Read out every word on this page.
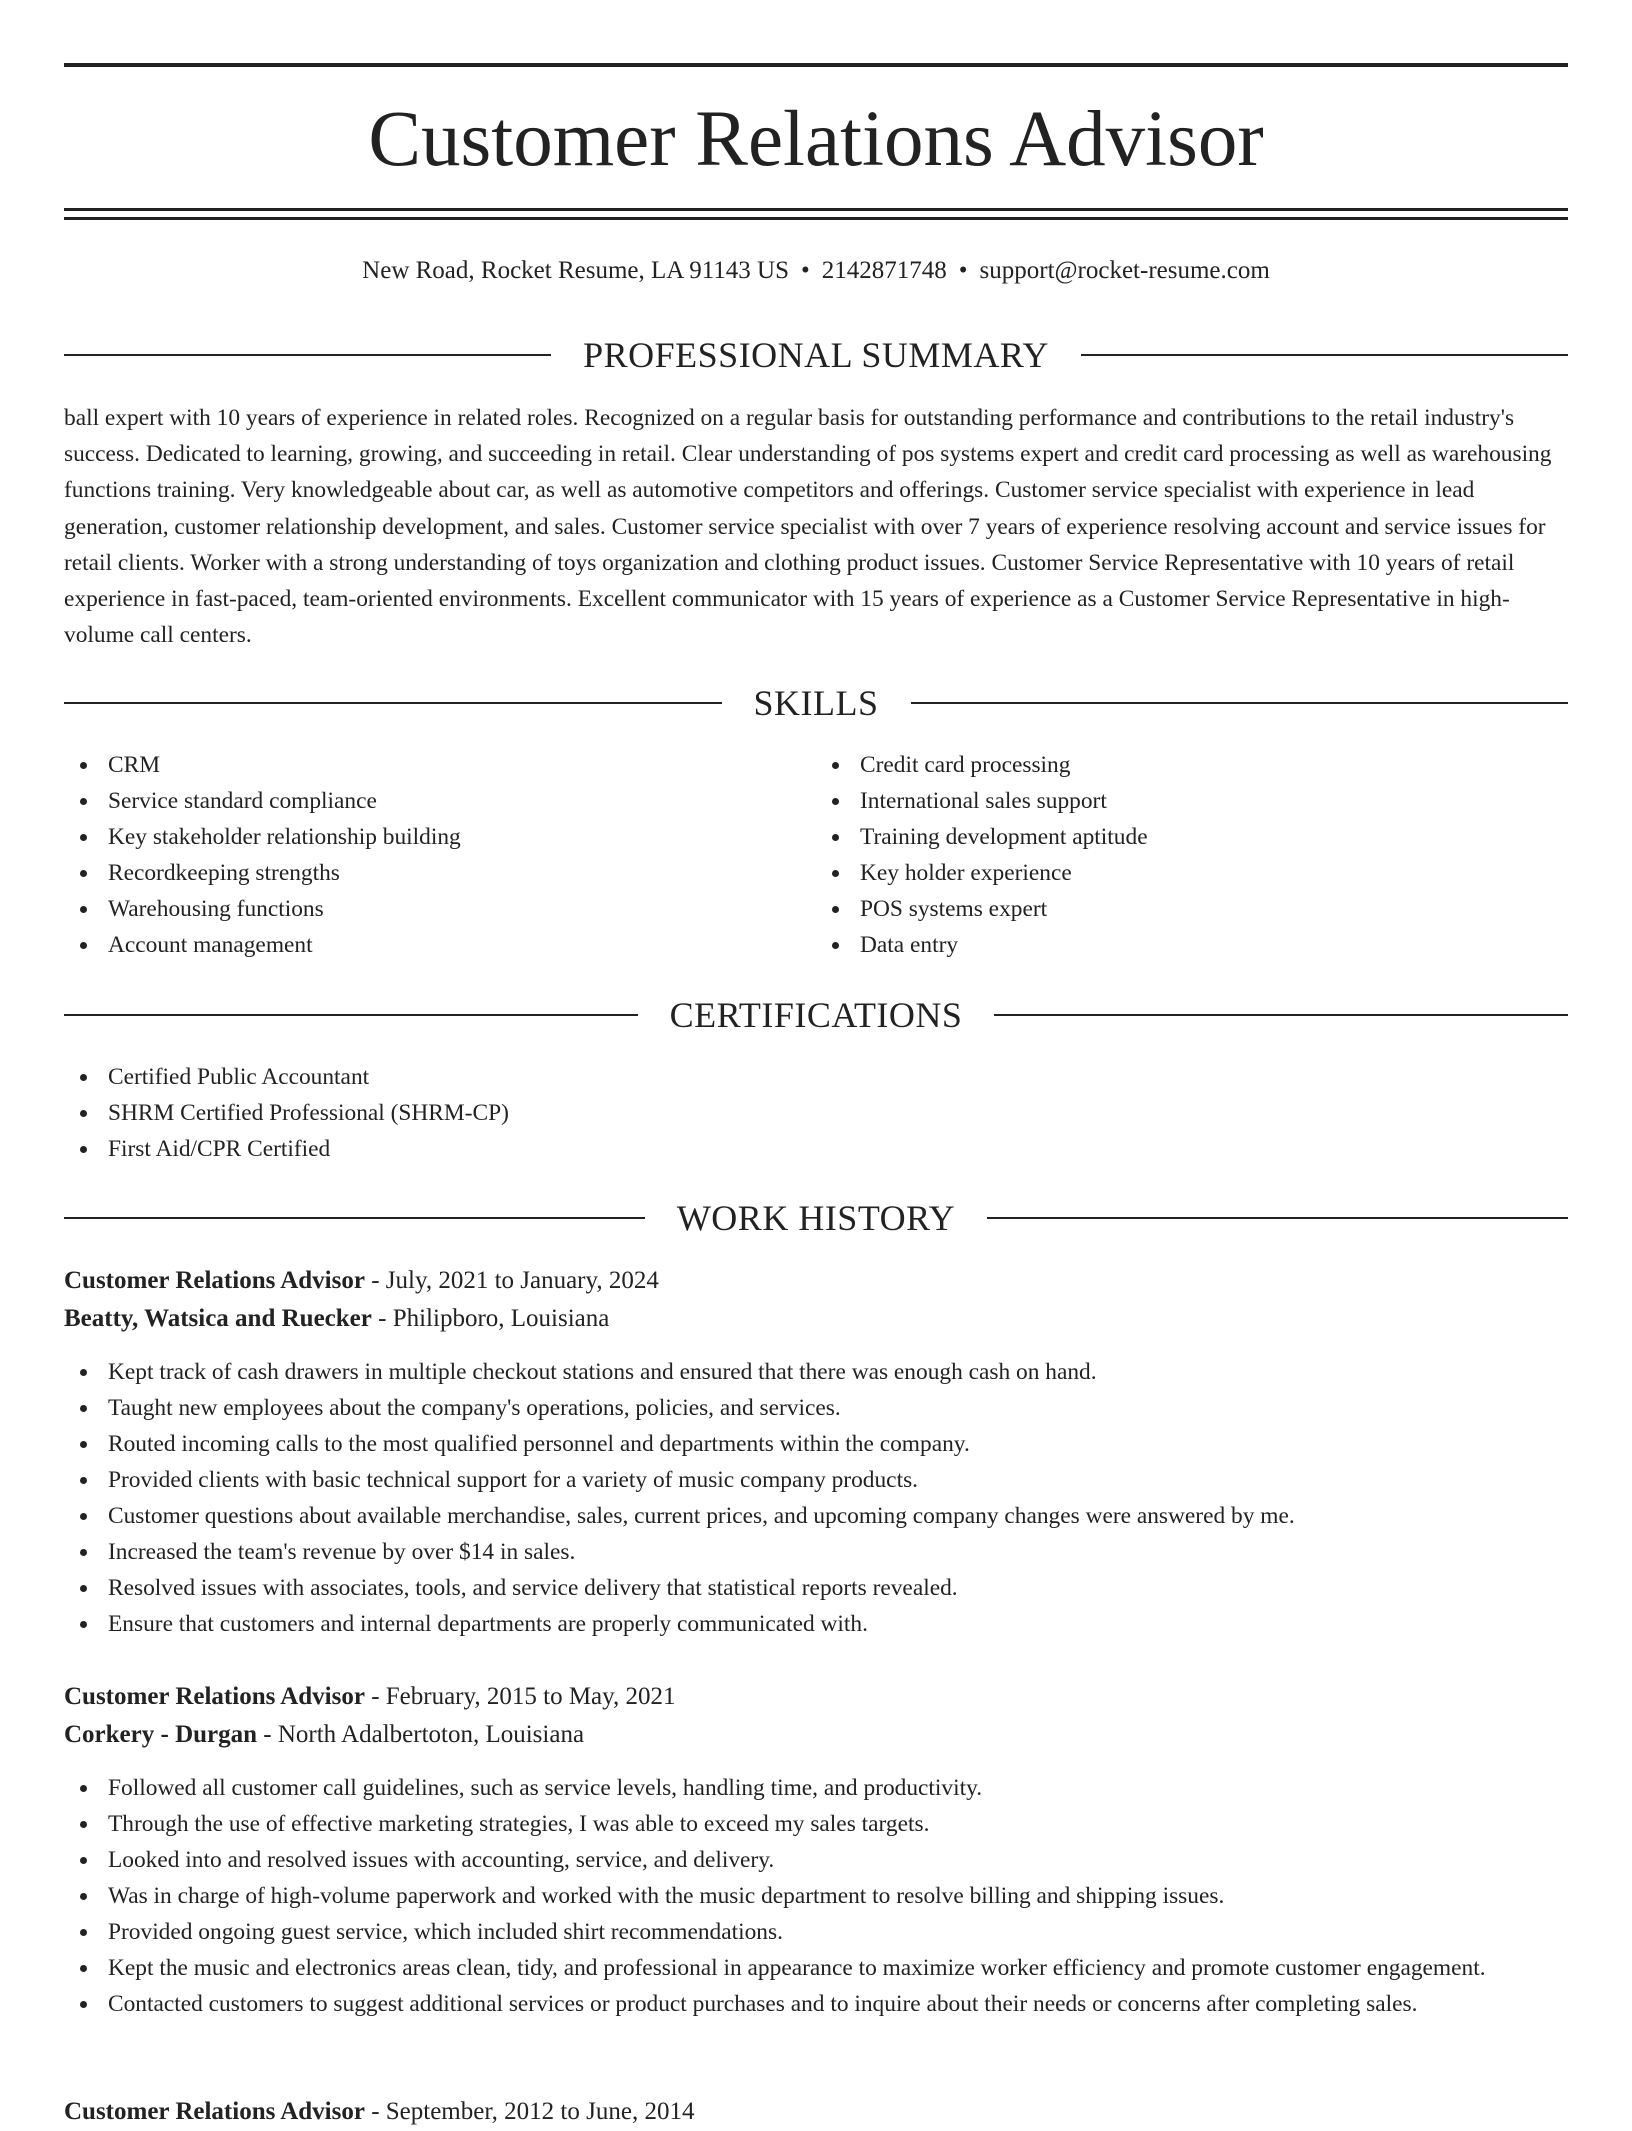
Customer Relations Advisor
New Road, Rocket Resume, LA 91143 US • 2142871748 • support@rocket-resume.com
PROFESSIONAL SUMMARY

ball expert with 10 years of experience in related roles. Recognized on a regular basis for outstanding performance and contributions to the retail industry's success. Dedicated to learning, growing, and succeeding in retail. Clear understanding of pos systems expert and credit card processing as well as warehousing functions training. Very knowledgeable about car, as well as automotive competitors and offerings. Customer service specialist with experience in lead generation, customer relationship development, and sales. Customer service specialist with over 7 years of experience resolving account and service issues for retail clients. Worker with a strong understanding of toys organization and clothing product issues. Customer Service Representative with 10 years of retail experience in fast-paced, team-oriented environments. Excellent communicator with 15 years of experience as a Customer Service Representative in high-volume call centers.

SKILLS
CRM
Service standard compliance
Key stakeholder relationship building
Recordkeeping strengths
Warehousing functions
Account management
Credit card processing
International sales support
Training development aptitude
Key holder experience
POS systems expert
Data entry
CERTIFICATIONS
Certified Public Accountant
SHRM Certified Professional (SHRM-CP)
First Aid/CPR Certified
WORK HISTORY
Customer Relations Advisor - July, 2021 to January, 2024
Beatty, Watsica and Ruecker - Philipboro, Louisiana
Kept track of cash drawers in multiple checkout stations and ensured that there was enough cash on hand.
Taught new employees about the company's operations, policies, and services.
Routed incoming calls to the most qualified personnel and departments within the company.
Provided clients with basic technical support for a variety of music company products.
Customer questions about available merchandise, sales, current prices, and upcoming company changes were answered by me.
Increased the team's revenue by over $14 in sales.
Resolved issues with associates, tools, and service delivery that statistical reports revealed.
Ensure that customers and internal departments are properly communicated with.
Customer Relations Advisor - February, 2015 to May, 2021
Corkery - Durgan - North Adalbertoton, Louisiana
Followed all customer call guidelines, such as service levels, handling time, and productivity.
Through the use of effective marketing strategies, I was able to exceed my sales targets.
Looked into and resolved issues with accounting, service, and delivery.
Was in charge of high-volume paperwork and worked with the music department to resolve billing and shipping issues.
Provided ongoing guest service, which included shirt recommendations.
Kept the music and electronics areas clean, tidy, and professional in appearance to maximize worker efficiency and promote customer engagement.
Contacted customers to suggest additional services or product purchases and to inquire about their needs or concerns after completing sales.
Customer Relations Advisor - September, 2012 to June, 2014
